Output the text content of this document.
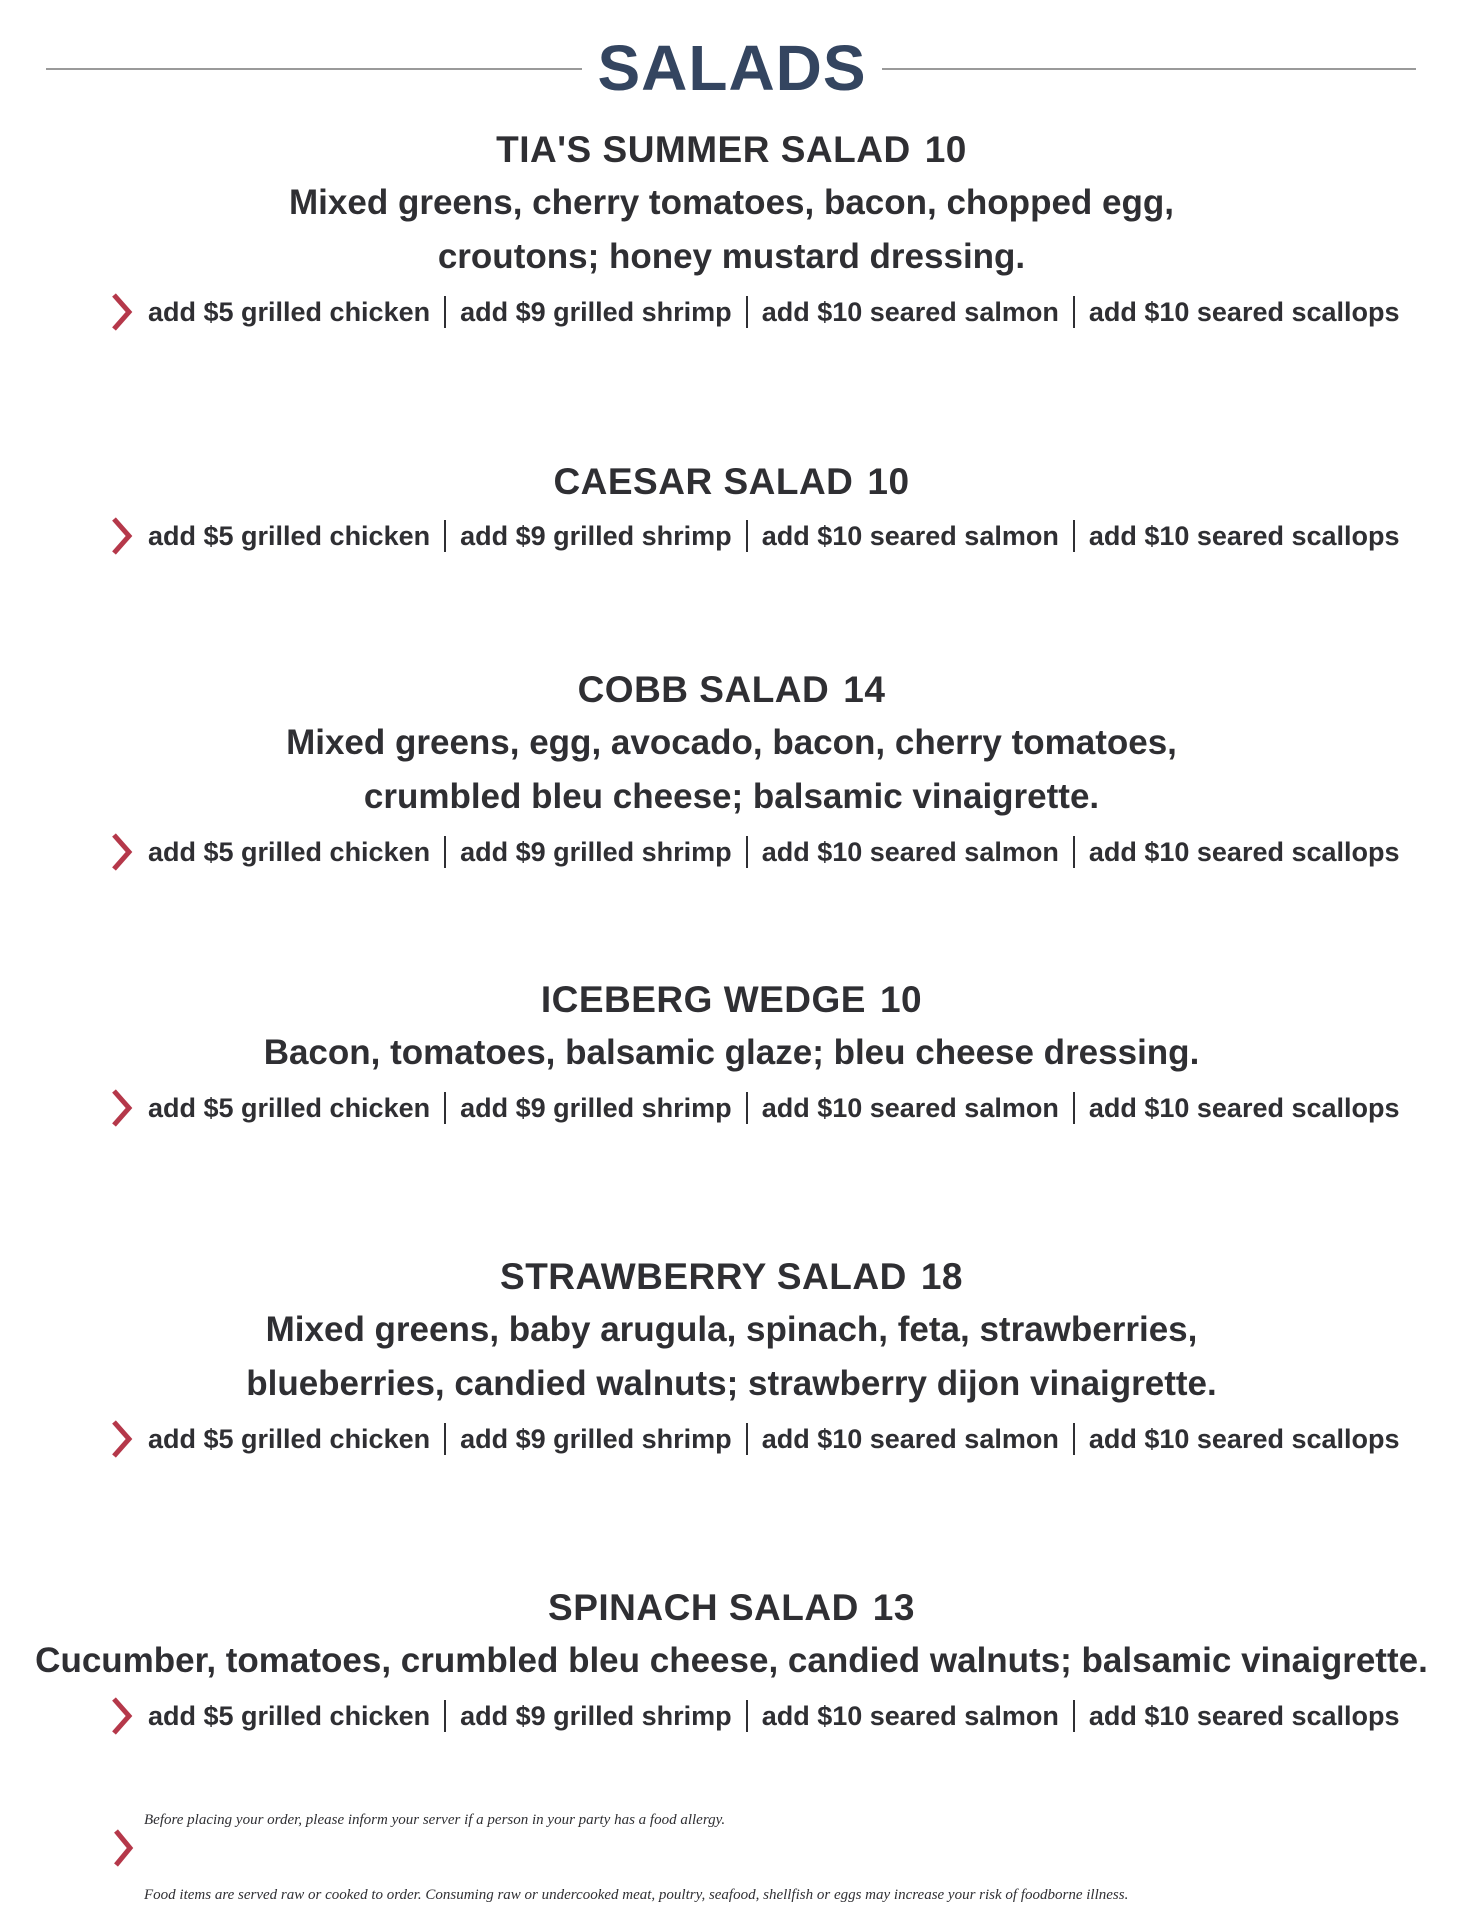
SALADS
TIA'S SUMMER SALAD 10
Mixed greens, cherry tomatoes, bacon, chopped egg,
croutons; honey mustard dressing.
add $5 grilled chicken add $9 grilled shrimp add $10 seared salmon add $10 seared scallops
CAESAR SALAD 10
add $5 grilled chicken add $9 grilled shrimp add $10 seared salmon add $10 seared scallops
COBB SALAD 14
Mixed greens, egg, avocado, bacon, cherry tomatoes,
crumbled bleu cheese; balsamic vinaigrette.
add $5 grilled chicken add $9 grilled shrimp add $10 seared salmon add $10 seared scallops
ICEBERG WEDGE 10
Bacon, tomatoes, balsamic glaze; bleu cheese dressing.
add $5 grilled chicken add $9 grilled shrimp add $10 seared salmon add $10 seared scallops
STRAWBERRY SALAD 18
Mixed greens, baby arugula, spinach, feta, strawberries,
blueberries, candied walnuts; strawberry dijon vinaigrette.
add $5 grilled chicken add $9 grilled shrimp add $10 seared salmon add $10 seared scallops
SPINACH SALAD 13
Cucumber, tomatoes, crumbled bleu cheese, candied walnuts; balsamic vinaigrette.
add $5 grilled chicken add $9 grilled shrimp add $10 seared salmon add $10 seared scallops
Before placing your order, please inform your server if a person in your party has a food allergy.
Food items are served raw or cooked to order. Consuming raw or undercooked meat, poultry, seafood, shellfish or eggs may increase your risk of foodborne illness.
